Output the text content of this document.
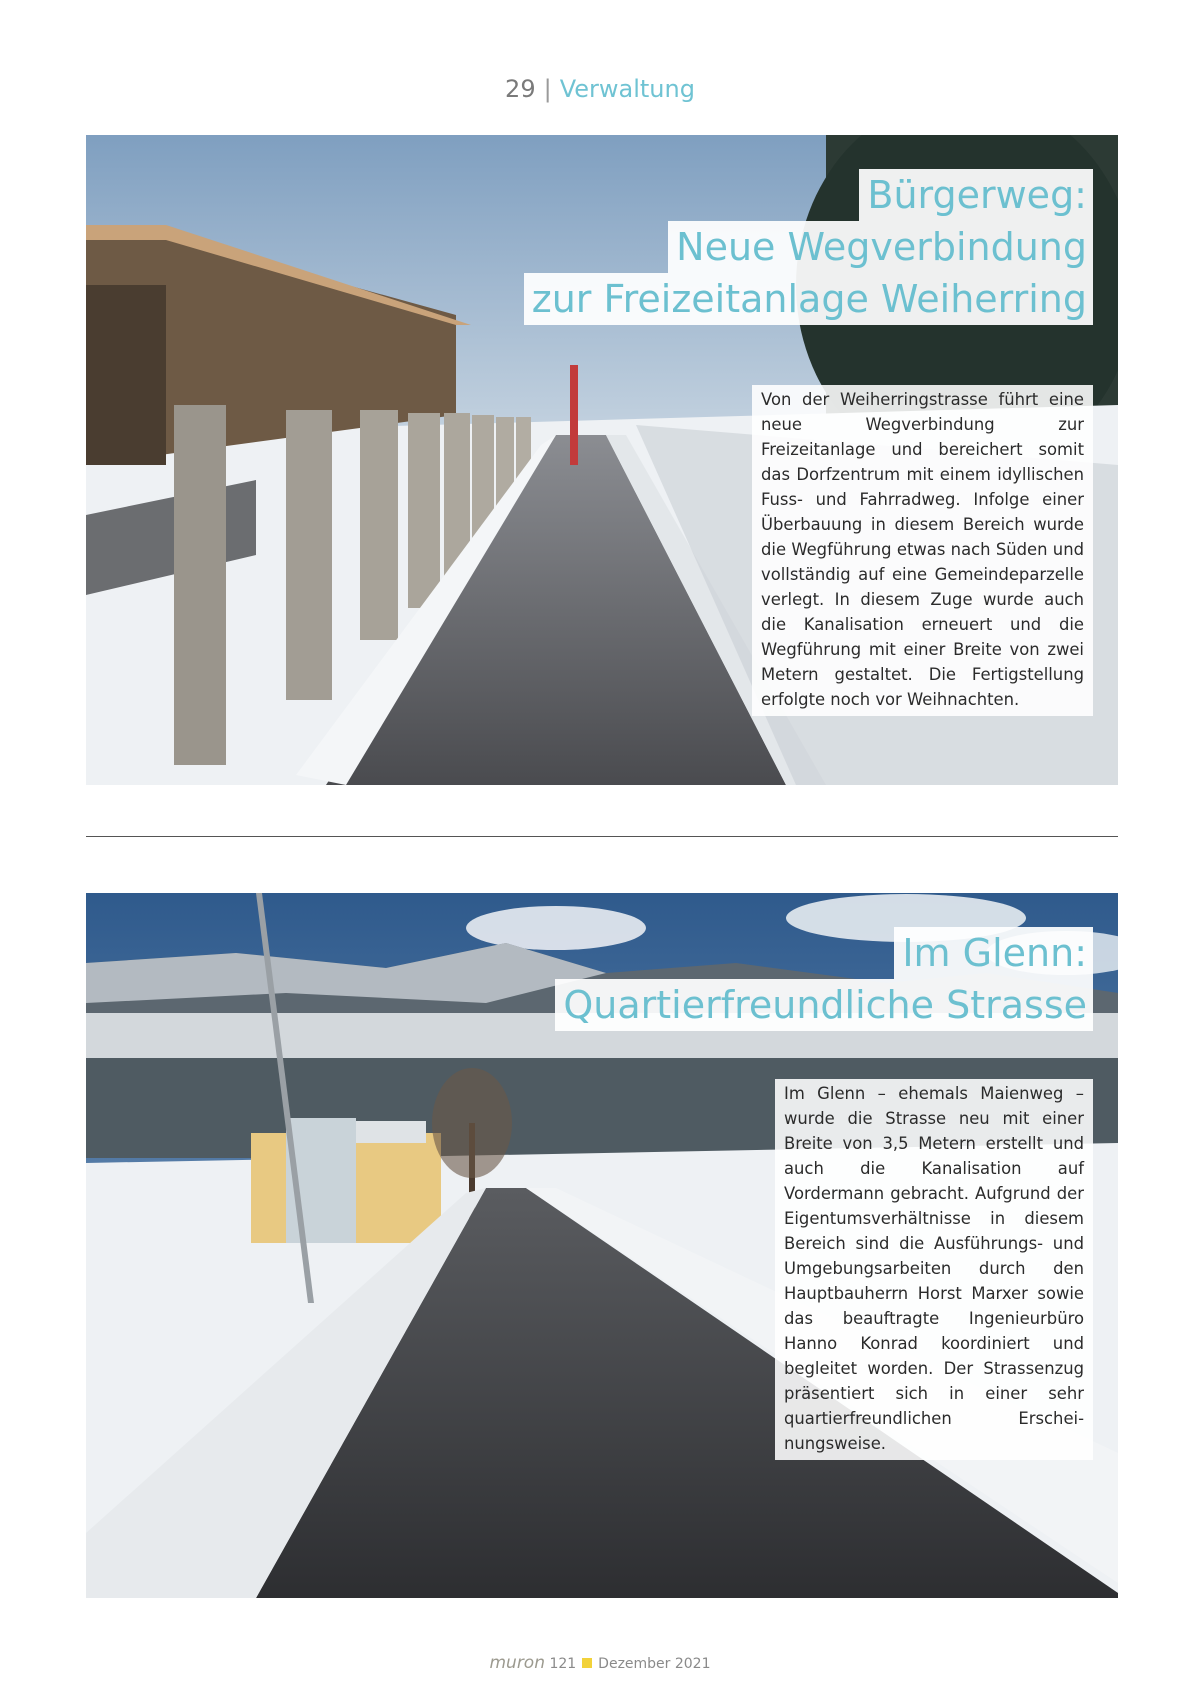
29 | Verwaltung
Bürgerweg:
Neue Wegverbindung
zur Freizeitanlage Weiherring
Von der Weiherringstrasse führt eine neue Wegverbindung zur Freizeitanlage und bereichert somit das Dorfzentrum mit einem idyllischen Fuss- und Fahrradweg. Infolge einer Überbauung in diesem Bereich wurde die Wegführung etwas nach Süden und vollständig auf eine Gemeindeparzelle verlegt. In diesem Zuge wurde auch die Kanalisation erneuert und die Wegführung mit einer Breite von zwei Metern gestaltet. Die Fertigstellung erfolgte noch vor Weihnachten.
Im Glenn:
Quartierfreundliche Strasse
Im Glenn – ehemals Maienweg – wurde die Strasse neu mit einer Breite von 3,5 Metern erstellt und auch die Kanalisation auf Vordermann gebracht. Aufgrund der Eigentumsverhältnisse in diesem Bereich sind die Ausführungs- und Umgebungsarbeiten durch den Hauptbauherrn Horst Marxer sowie das beauftragte Ingenieurbüro Hanno Konrad koordiniert und begleitet worden. Der Strassenzug präsentiert sich in einer sehr quartierfreundlichen Erscheinungsweise.
muron 121 Dezember 2021
